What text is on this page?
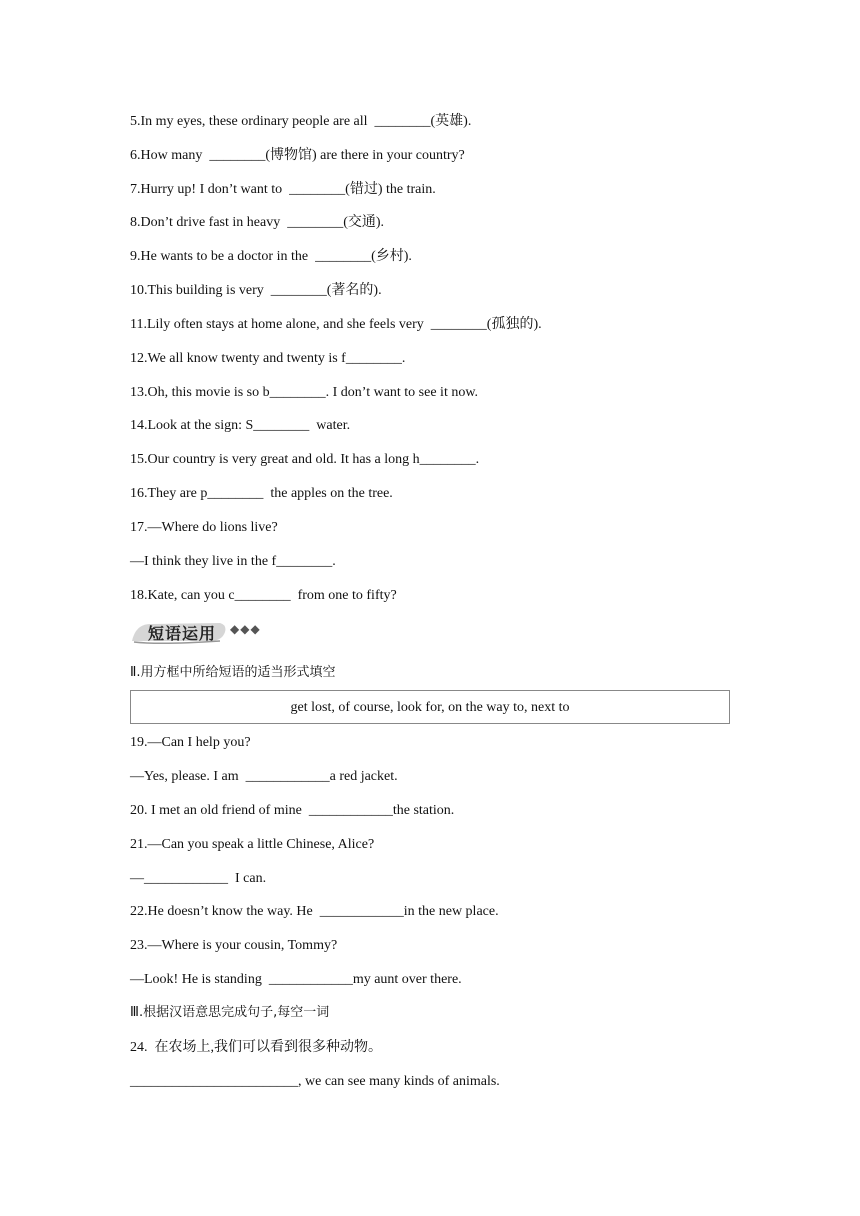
5.In my eyes, these ordinary people are all  ________(英雄).
6.How many  ________(博物馆) are there in your country?
7.Hurry up! I don’t want to  ________(错过) the train.
8.Don’t drive fast in heavy  ________(交通).
9.He wants to be a doctor in the  ________(乡村).
10.This building is very  ________(著名的).
11.Lily often stays at home alone, and she feels very  ________(孤独的).
12.We all know twenty and twenty is f________.
13.Oh, this movie is so b________. I don’t want to see it now.
14.Look at the sign: S________  water.
15.Our country is very great and old. It has a long h________.
16.They are p________  the apples on the tree.
17.—Where do lions live?
—I think they live in the f________.
18.Kate, can you c________  from one to fifty?
短语运用 ◆◆◆
Ⅱ.用方框中所给短语的适当形式填空
get lost, of course, look for, on the way to, next to
19.—Can I help you?
—Yes, please. I am  ____________a red jacket.
20. I met an old friend of mine  ____________the station.
21.—Can you speak a little Chinese, Alice?
—____________  I can.
22.He doesn’t know the way. He  ____________in the new place.
23.—Where is your cousin, Tommy?
—Look! He is standing  ____________my aunt over there.
Ⅲ.根据汉语意思完成句子,每空一词
24.  在农场上,我们可以看到很多种动物。
________________________, we can see many kinds of animals.
